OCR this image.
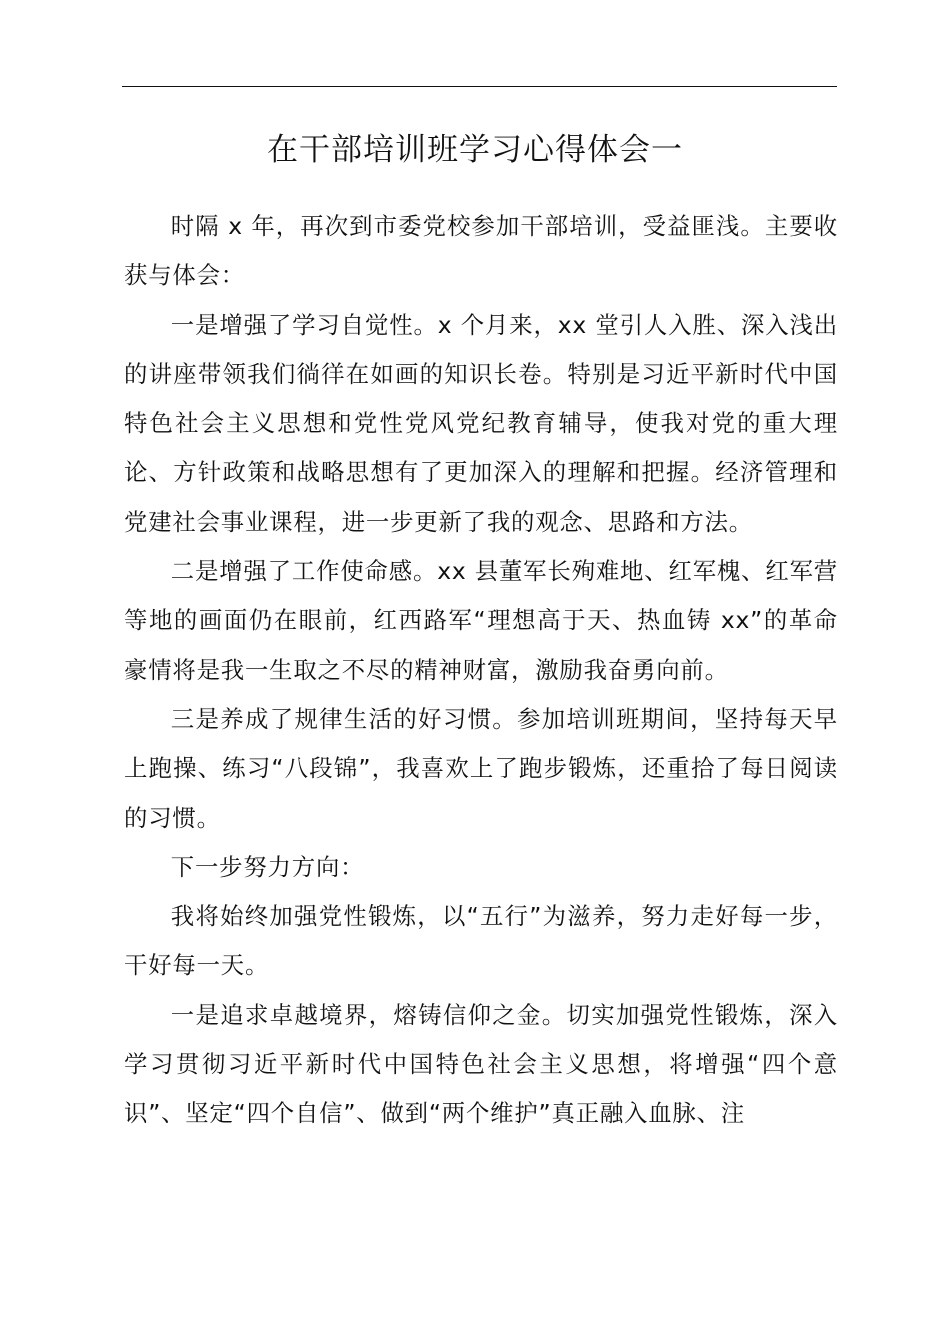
在干部培训班学习心得体会一

时隔 x 年，再次到市委党校参加干部培训，受益匪浅。主要收获与体会：

一是增强了学习自觉性。x 个月来，xx 堂引人入胜、深入浅出的讲座带领我们徜徉在如画的知识长卷。特别是习近平新时代中国特色社会主义思想和党性党风党纪教育辅导，使我对党的重大理论、方针政策和战略思想有了更加深入的理解和把握。经济管理和党建社会事业课程，进一步更新了我的观念、思路和方法。

二是增强了工作使命感。xx 县董军长殉难地、红军槐、红军营等地的画面仍在眼前，红西路军“理想高于天、热血铸 xx”的革命豪情将是我一生取之不尽的精神财富，激励我奋勇向前。

三是养成了规律生活的好习惯。参加培训班期间，坚持每天早上跑操、练习“八段锦”，我喜欢上了跑步锻炼，还重拾了每日阅读的习惯。

下一步努力方向：

我将始终加强党性锻炼，以“五行”为滋养，努力走好每一步，干好每一天。

一是追求卓越境界，熔铸信仰之金。切实加强党性锻炼，深入学习贯彻习近平新时代中国特色社会主义思想，将增强“四个意识”、坚定“四个自信”、做到“两个维护”真正融入血脉、注
